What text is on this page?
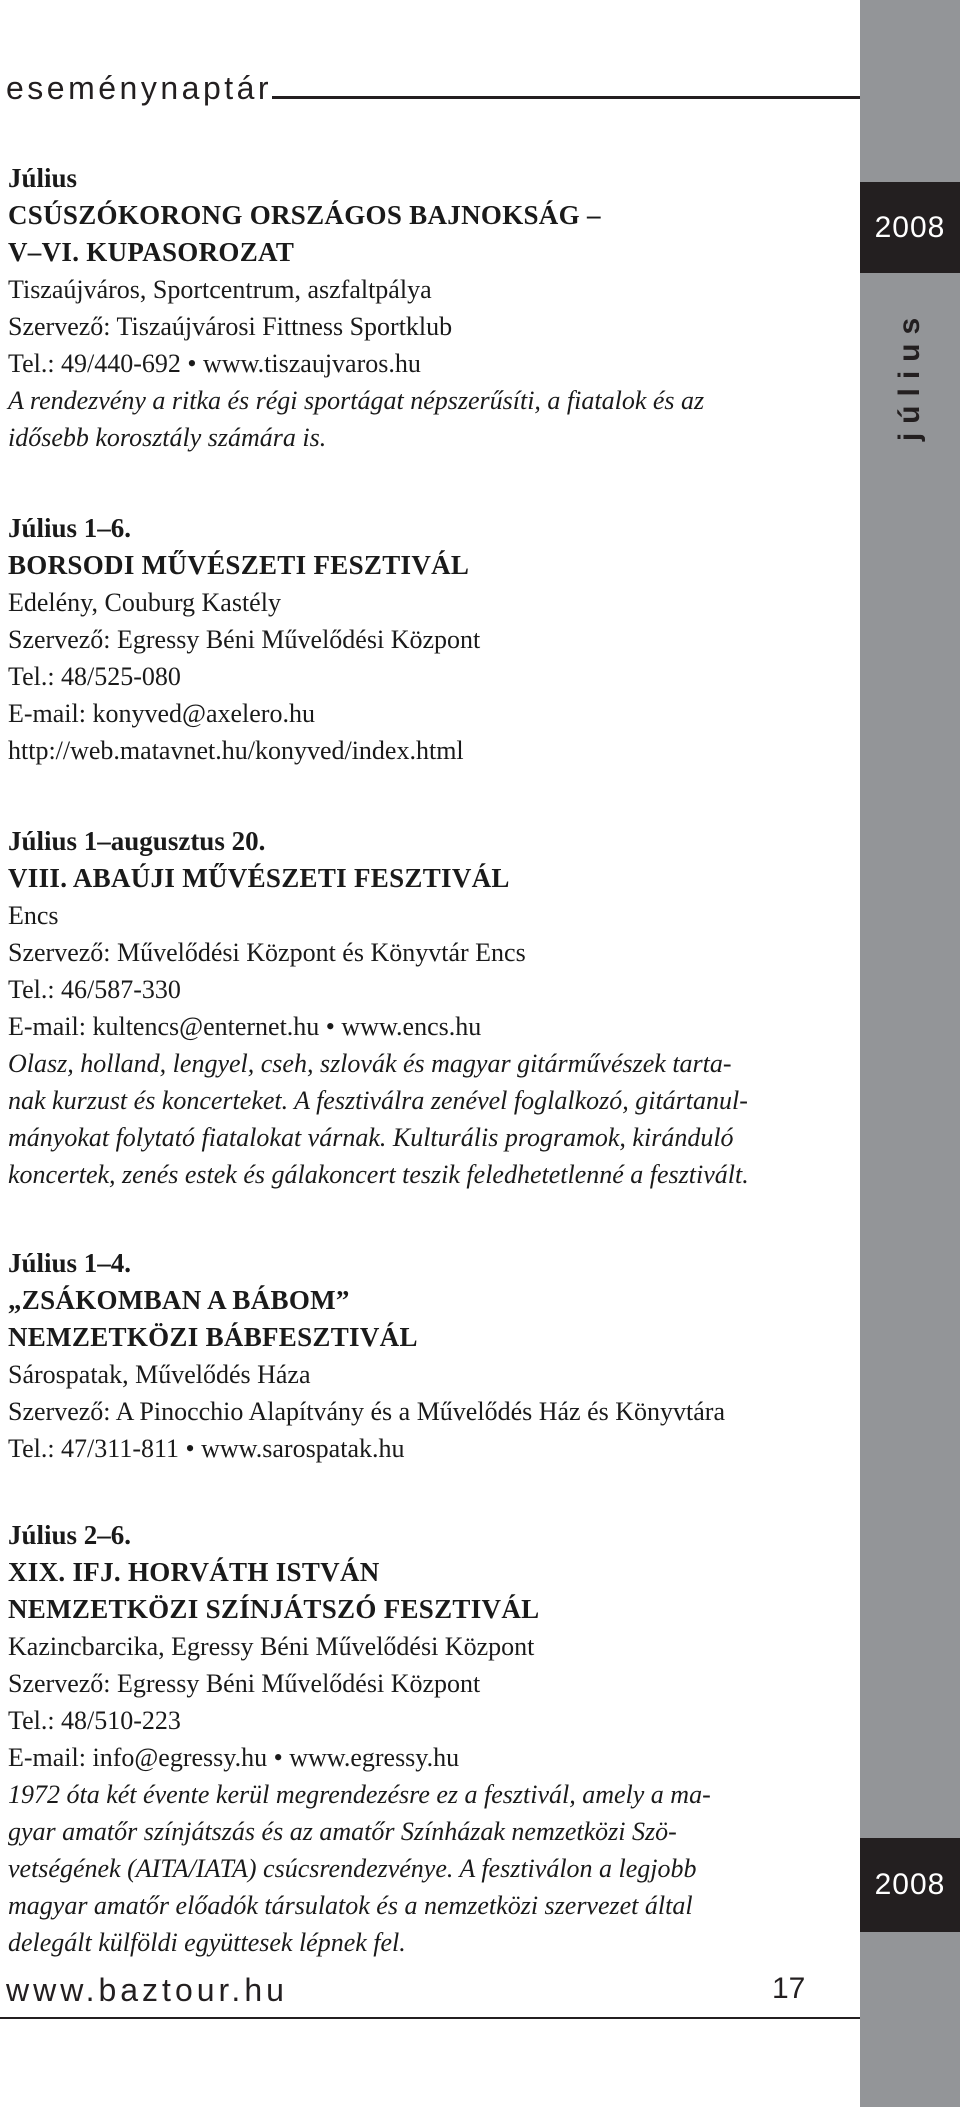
2008
július
2008
eseménynaptár
Július
CSÚSZÓKORONG ORSZÁGOS BAJNOKSÁG –
V–VI. KUPASOROZAT
Tiszaújváros, Sportcentrum, aszfaltpálya
Szervező: Tiszaújvárosi Fittness Sportklub
Tel.: 49/440-692 • www.tiszaujvaros.hu
A rendezvény a ritka és régi sportágat népszerűsíti, a fiatalok és az
idősebb korosztály számára is.
Július 1–6.
BORSODI MŰVÉSZETI FESZTIVÁL
Edelény, Couburg Kastély
Szervező: Egressy Béni Művelődési Központ
Tel.: 48/525-080
E-mail: konyved@axelero.hu
http://web.matavnet.hu/konyved/index.html
Július 1–augusztus 20.
VIII. ABAÚJI MŰVÉSZETI FESZTIVÁL
Encs
Szervező: Művelődési Központ és Könyvtár Encs
Tel.: 46/587-330
E-mail: kultencs@enternet.hu • www.encs.hu
Olasz, holland, lengyel, cseh, szlovák és magyar gitárművészek tarta-
nak kurzust és koncerteket. A fesztiválra zenével foglalkozó, gitártanul-
mányokat folytató fiatalokat várnak. Kulturális programok, kiránduló
koncertek, zenés estek és gálakoncert teszik feledhetetlenné a fesztivált.
Július 1–4.
„ZSÁKOMBAN A BÁBOM”
NEMZETKÖZI BÁBFESZTIVÁL
Sárospatak, Művelődés Háza
Szervező: A Pinocchio Alapítvány és a Művelődés Ház és Könyvtára
Tel.: 47/311-811 • www.sarospatak.hu
Július 2–6.
XIX. IFJ. HORVÁTH ISTVÁN
NEMZETKÖZI SZÍNJÁTSZÓ FESZTIVÁL
Kazincbarcika, Egressy Béni Művelődési Központ
Szervező: Egressy Béni Művelődési Központ
Tel.: 48/510-223
E-mail: info@egressy.hu • www.egressy.hu
1972 óta két évente kerül megrendezésre ez a fesztivál, amely a ma-
gyar amatőr színjátszás és az amatőr Színházak nemzetközi Szö-
vetségének (AITA/IATA) csúcsrendezvénye. A fesztiválon a legjobb
magyar amatőr előadók társulatok és a nemzetközi szervezet által
delegált külföldi együttesek lépnek fel.
www.baztour.hu	17
